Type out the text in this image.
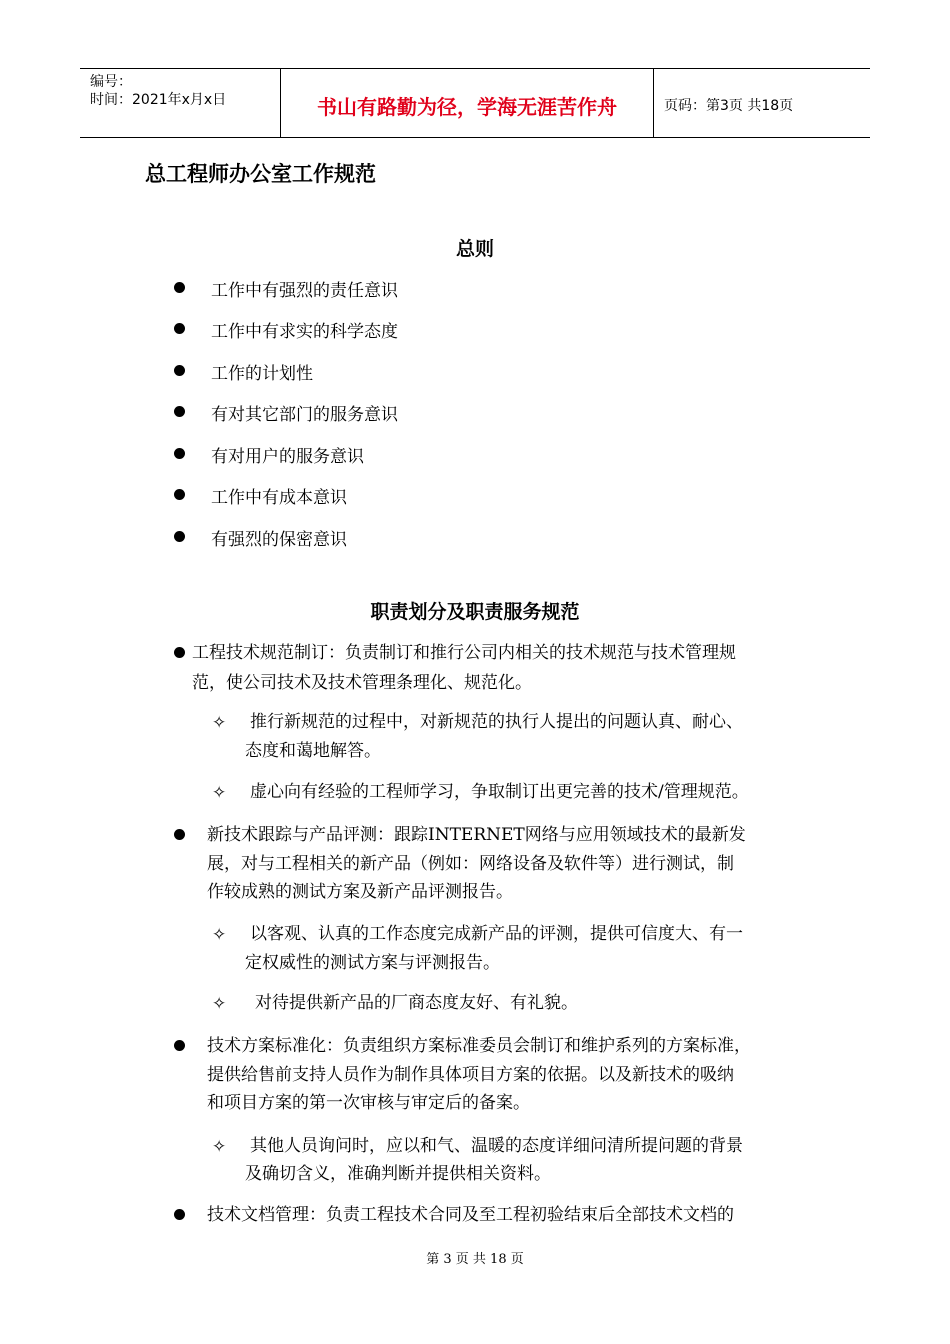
编号：
时间：2021年x月x日	书山有路勤为径，学海无涯苦作舟	页码：第3页 共18页
总工程师办公室工作规范
总则
工作中有强烈的责任意识
工作中有求实的科学态度
工作的计划性
有对其它部门的服务意识
有对用户的服务意识
工作中有成本意识
有强烈的保密意识
职责划分及职责服务规范
工程技术规范制订：负责制订和推行公司内相关的技术规范与技术管理规
范，使公司技术及技术管理条理化、规范化。
✧ 推行新规范的过程中，对新规范的执行人提出的问题认真、耐心、
态度和蔼地解答。
✧ 虚心向有经验的工程师学习，争取制订出更完善的技术/管理规范。
新技术跟踪与产品评测：跟踪INTERNET网络与应用领域技术的最新发
展，对与工程相关的新产品（例如：网络设备及软件等）进行测试，制
作较成熟的测试方案及新产品评测报告。
✧ 以客观、认真的工作态度完成新产品的评测，提供可信度大、有一
定权威性的测试方案与评测报告。
✧ 对待提供新产品的厂商态度友好、有礼貌。
技术方案标准化：负责组织方案标准委员会制订和维护系列的方案标准，
提供给售前支持人员作为制作具体项目方案的依据。以及新技术的吸纳
和项目方案的第一次审核与审定后的备案。
✧ 其他人员询问时，应以和气、温暖的态度详细问清所提问题的背景
及确切含义，准确判断并提供相关资料。
技术文档管理：负责工程技术合同及至工程初验结束后全部技术文档的
第 3 页 共 18 页
